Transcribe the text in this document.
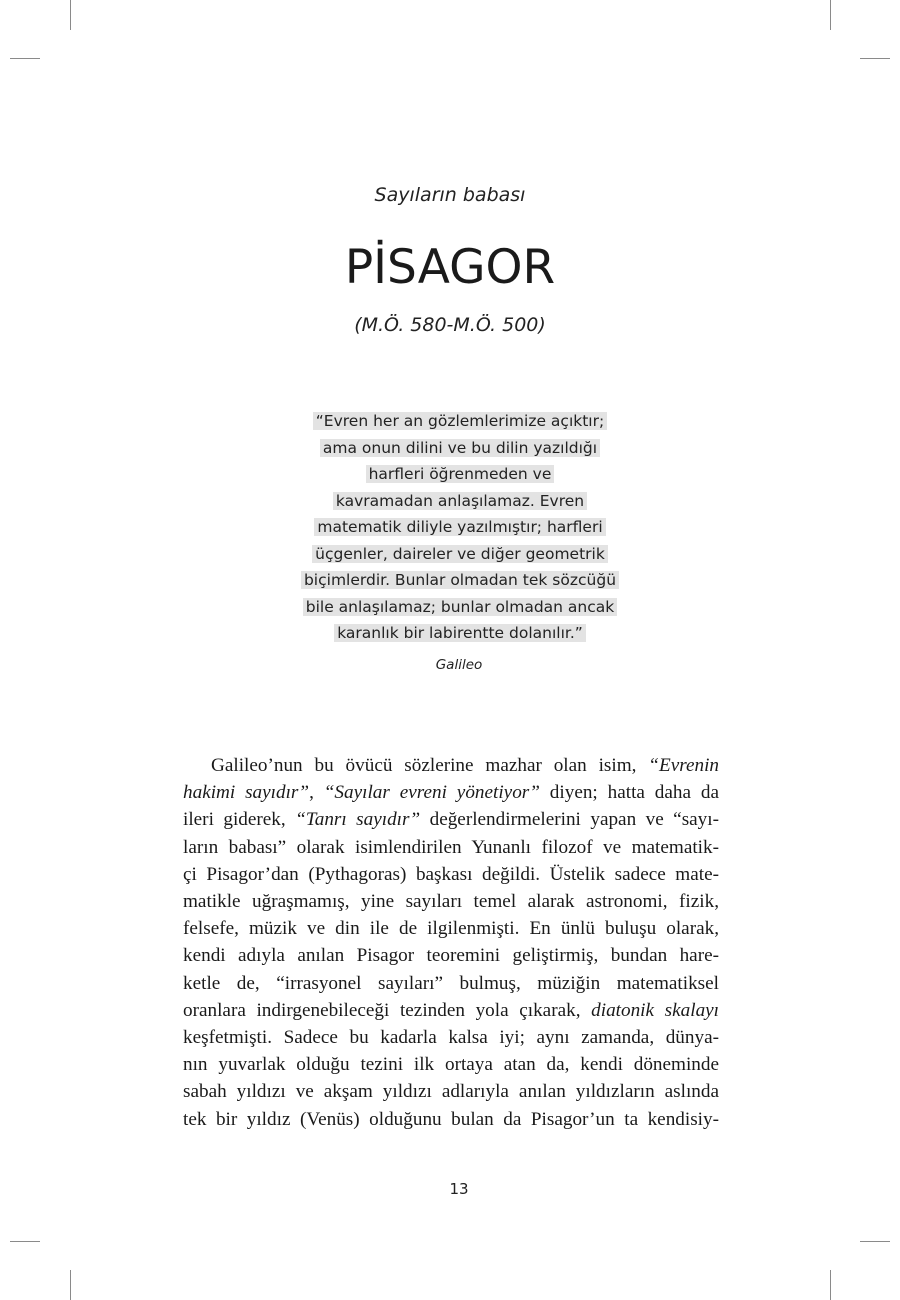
Sayıların babası
PİSAGOR
(M.Ö. 580-M.Ö. 500)
“Evren her an gözlemlerimize açıktır;
ama onun dilini ve bu dilin yazıldığı
harfleri öğrenmeden ve
kavramadan anlaşılamaz. Evren
matematik diliyle yazılmıştır; harfleri
üçgenler, daireler ve diğer geometrik
biçimlerdir. Bunlar olmadan tek sözcüğü
bile anlaşılamaz; bunlar olmadan ancak
karanlık bir labirentte dolanılır.”
Galileo
Galileo’nun bu övücü sözlerine mazhar olan isim, “Evrenin
hakimi sayıdır”, “Sayılar evreni yönetiyor” diyen; hatta daha da
ileri giderek, “Tanrı sayıdır” değerlendirmelerini yapan ve “sayı-
ların babası” olarak isimlendirilen Yunanlı filozof ve matematik-
çi Pisagor’dan (Pythagoras) başkası değildi. Üstelik sadece mate-
matikle uğraşmamış, yine sayıları temel alarak astronomi, fizik,
felsefe, müzik ve din ile de ilgilenmişti. En ünlü buluşu olarak,
kendi adıyla anılan Pisagor teoremini geliştirmiş, bundan hare-
ketle de, “irrasyonel sayıları” bulmuş, müziğin matematiksel
oranlara indirgenebileceği tezinden yola çıkarak, diatonik skalayı
keşfetmişti. Sadece bu kadarla kalsa iyi; aynı zamanda, dünya-
nın yuvarlak olduğu tezini ilk ortaya atan da, kendi döneminde
sabah yıldızı ve akşam yıldızı adlarıyla anılan yıldızların aslında
tek bir yıldız (Venüs) olduğunu bulan da Pisagor’un ta kendisiy-
13
